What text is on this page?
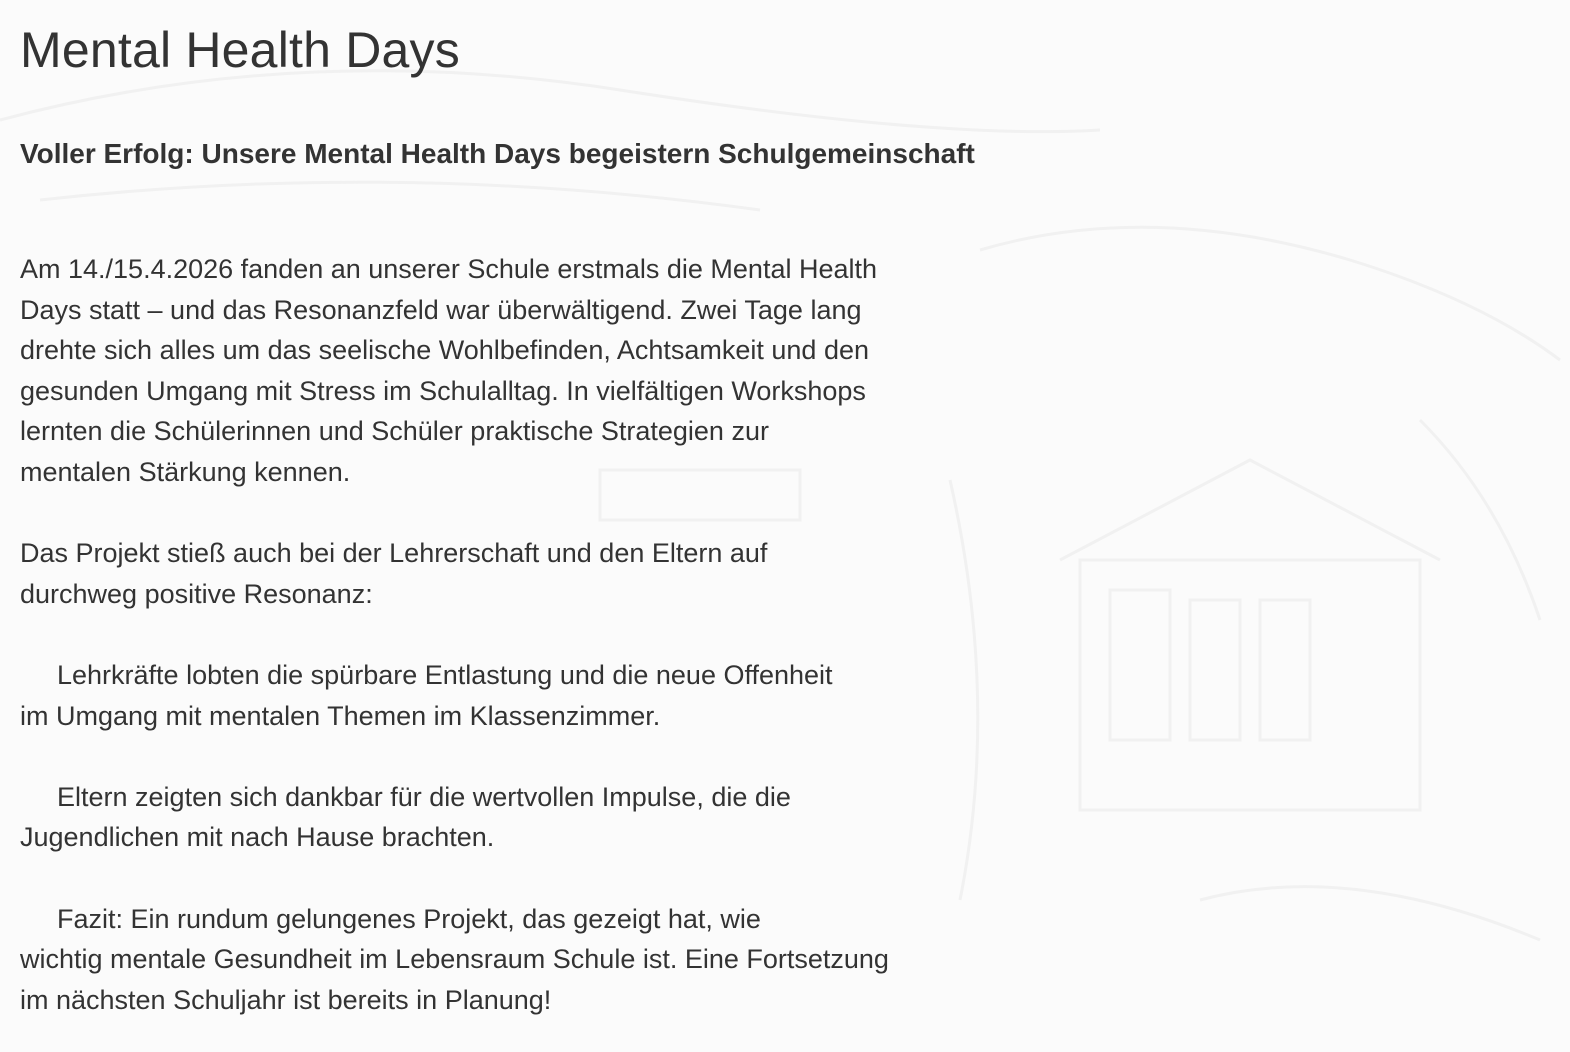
Mental Health Days
Voller Erfolg: Unsere Mental Health Days begeistern Schulgemeinschaft

Am 14./15.4.2026 fanden an unserer Schule erstmals die Mental Health
Days statt – und das Resonanzfeld war überwältigend. Zwei Tage lang
drehte sich alles um das seelische Wohlbefinden, Achtsamkeit und den
gesunden Umgang mit Stress im Schulalltag. In vielfältigen Workshops
lernten die Schülerinnen und Schüler praktische Strategien zur
mentalen Stärkung kennen.

Das Projekt stieß auch bei der Lehrerschaft und den Eltern auf
durchweg positive Resonanz:

Lehrkräfte lobten die spürbare Entlastung und die neue Offenheit
im Umgang mit mentalen Themen im Klassenzimmer.

Eltern zeigten sich dankbar für die wertvollen Impulse, die die
Jugendlichen mit nach Hause brachten.

Fazit: Ein rundum gelungenes Projekt, das gezeigt hat, wie
wichtig mentale Gesundheit im Lebensraum Schule ist. Eine Fortsetzung
im nächsten Schuljahr ist bereits in Planung!
